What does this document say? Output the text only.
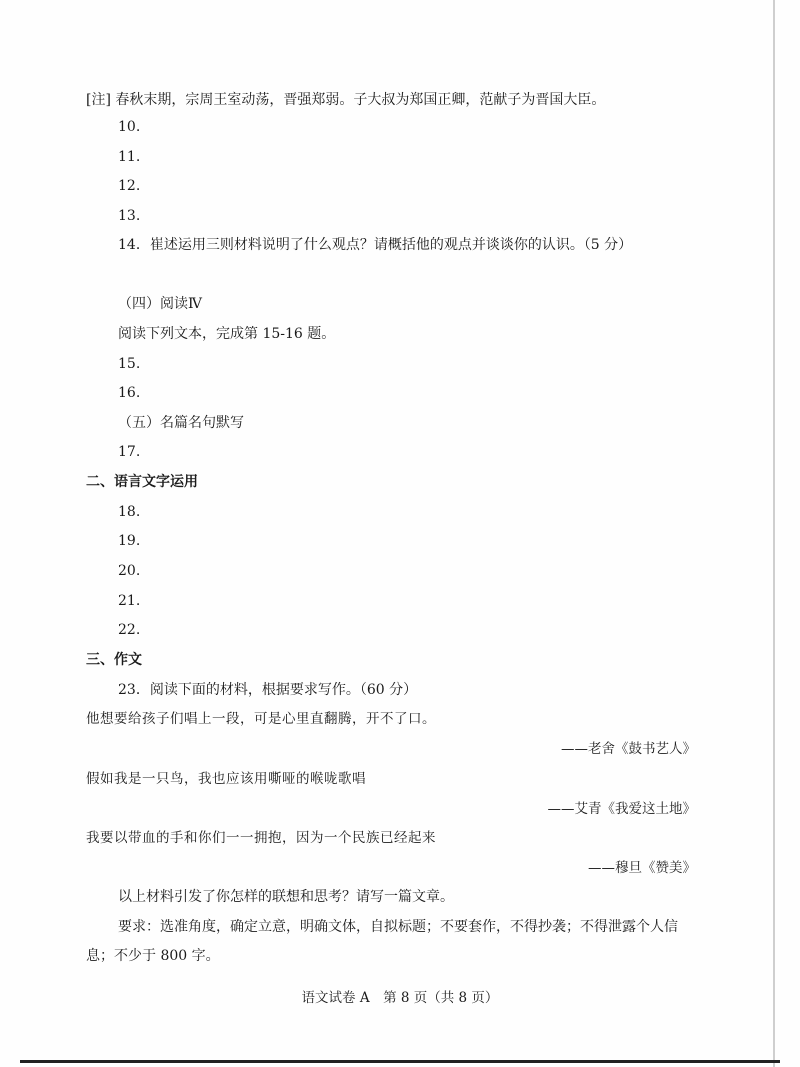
[注] 春秋末期，宗周王室动荡，晋强郑弱。子大叔为郑国正卿，范献子为晋国大臣。
10.
11.
12.
13.
14．崔述运用三则材料说明了什么观点？请概括他的观点并谈谈你的认识。（5 分）
（四）阅读Ⅳ
阅读下列文本，完成第 15-16 题。
15.
16.
（五）名篇名句默写
17.
二、语言文字运用
18.
19.
20.
21.
22.
三、作文
23．阅读下面的材料，根据要求写作。（60 分）
他想要给孩子们唱上一段，可是心里直翻腾，开不了口。
——老舍《鼓书艺人》
假如我是一只鸟，我也应该用嘶哑的喉咙歌唱
——艾青《我爱这土地》
我要以带血的手和你们一一拥抱，因为一个民族已经起来
——穆旦《赞美》
以上材料引发了你怎样的联想和思考？请写一篇文章。
要求：选准角度，确定立意，明确文体，自拟标题；不要套作，不得抄袭；不得泄露个人信
息；不少于 800 字。
语文试卷 A　第 8 页（共 8 页）
